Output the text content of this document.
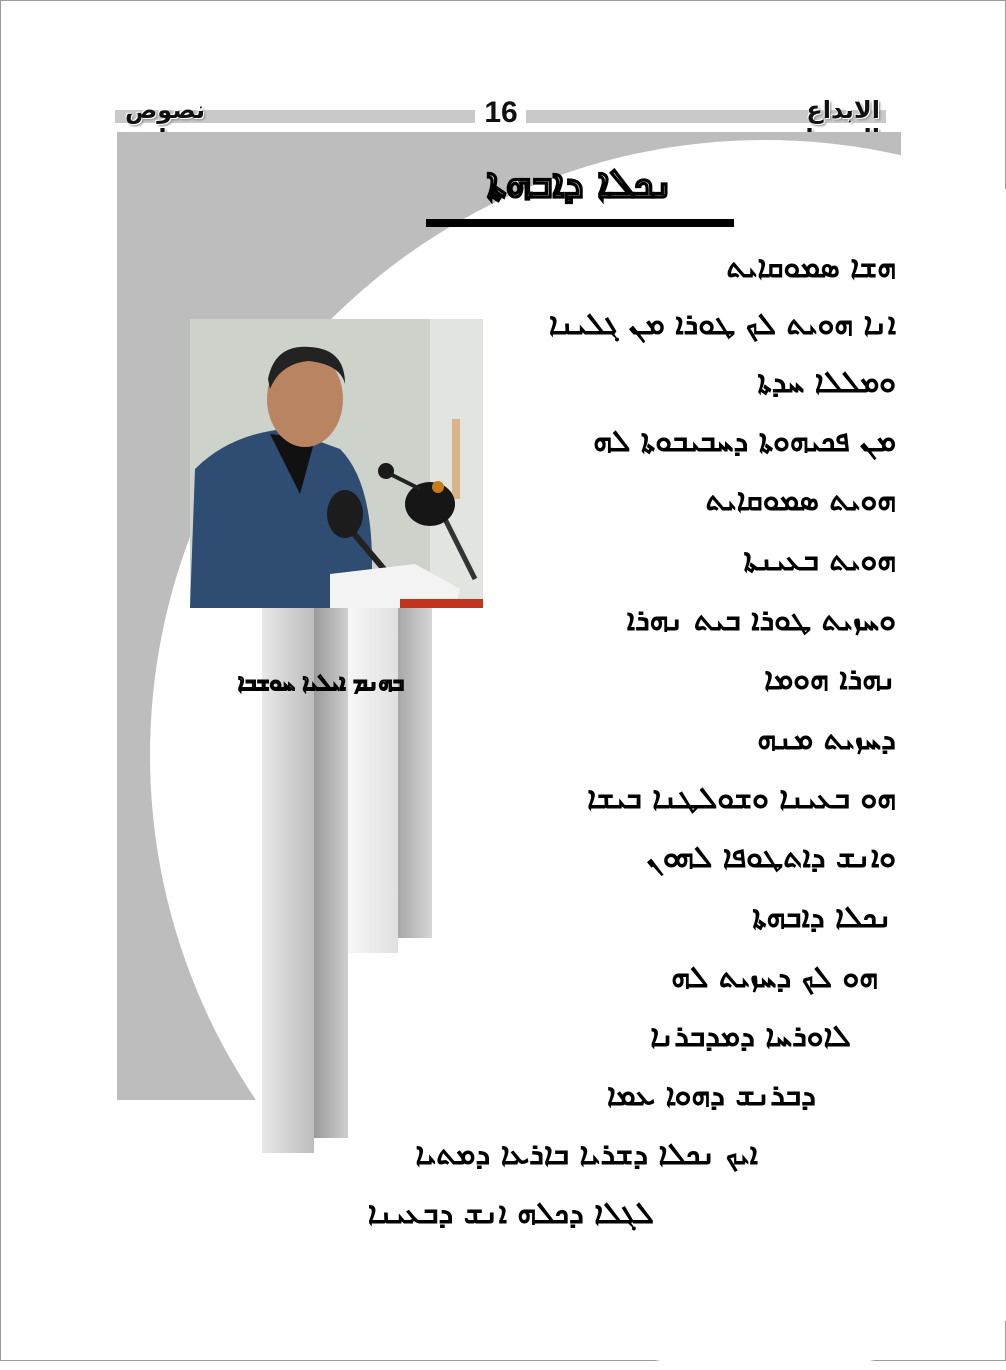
الابداع
نصوص	16
ܢܟܠܐ ܕܐܒܗܬܐ
ܒܗܢܡ ܐܝܠܝܐ ܚܘܫܒܐ
ܗܫܐ ܣܡܘܩܐܝܬ
ܐܢܐ ܗܘܝܬ ܠܟ ܛܘܪܐ ܡܢ ܓܠܝܢܐ
ܘܡܠܠܐ ܚܕܬܐ
ܡܢ ܦܟܝܗܘܬܐ ܕܚܒܝܒܘܬܐ ܠܗ
ܗܘܝܬ ܣܡܘܩܐܝܬ
ܗܘܝܬ ܒܥܝܢܬܐ
ܘܚܙܝܬ ܛܘܪܐ ܒܝܬ ܢܗܪܐ
ܢܗܪܐ ܗܘܡܐ
ܕܚܙܝܬ ܡܢܗ
ܗܘ ܒܥܝܢܐ ܘܫܘܠܛܢܐ ܒܝܫܐ
ܘܐܢܫ ܕܐܬܛܘܦܐ ܠܗܘܢ
ܢܟܠܐ ܕܐܒܗܬܐ
ܗܘ ܠܟ ܕܚܙܝܬ ܠܗ
ܠܐܘܪܚܐ ܕܡܕܒܪܢܐ
ܕܒܪܢܫ ܕܗܘܐ ܥܡܐ
ܐܝܟ ܢܟܠܐ ܕܫܪܝܐ ܒܐܪܥܐ ܕܡܬܝܐ
ܠܓܠܐ ܕܟܠܗ ܐܢܫ ܕܒܥܝܢܐ
